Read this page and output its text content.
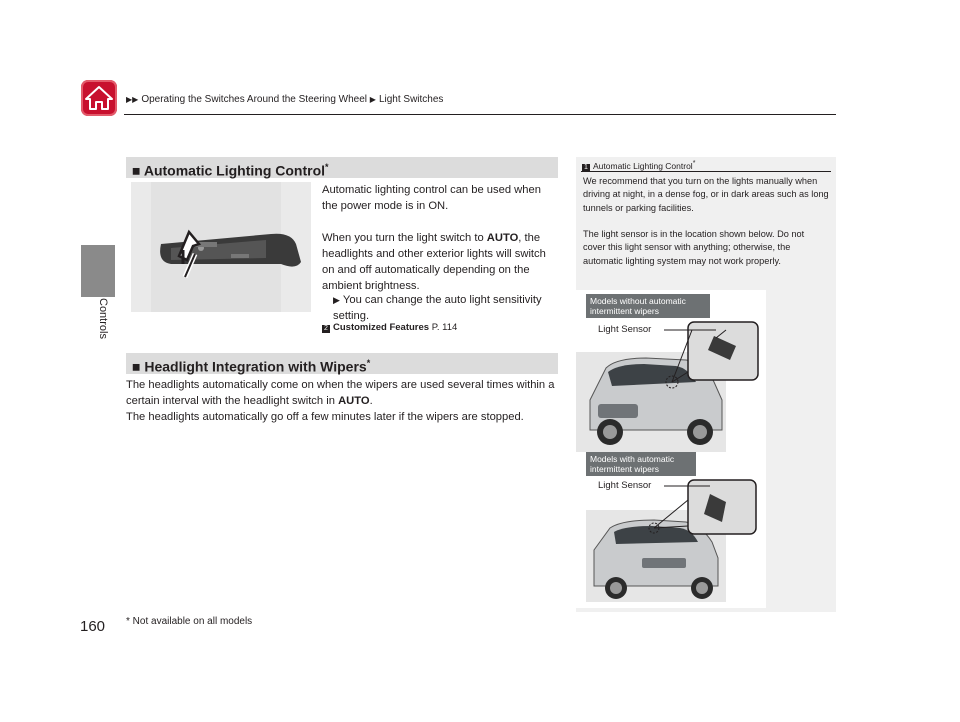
▶▶ Operating the Switches Around the Steering Wheel ▶ Light Switches
Controls
■ Automatic Lighting Control*
Automatic lighting control can be used when the power mode is in ON.
When you turn the light switch to AUTO, the headlights and other exterior lights will switch on and off automatically depending on the ambient brightness.
▶ You can change the auto light sensitivity setting.
2 Customized Features P. 114
■ Headlight Integration with Wipers*
The headlights automatically come on when the wipers are used several times within a certain interval with the headlight switch in AUTO.
The headlights automatically go off a few minutes later if the wipers are stopped.
1 Automatic Lighting Control*
We recommend that you turn on the lights manually when driving at night, in a dense fog, or in dark areas such as long tunnels or parking facilities.
The light sensor is in the location shown below. Do not cover this light sensor with anything; otherwise, the automatic lighting system may not work properly.
Models without automatic intermittent wipers
Light Sensor
Models with automatic intermittent wipers
Light Sensor
160 * Not available on all models
